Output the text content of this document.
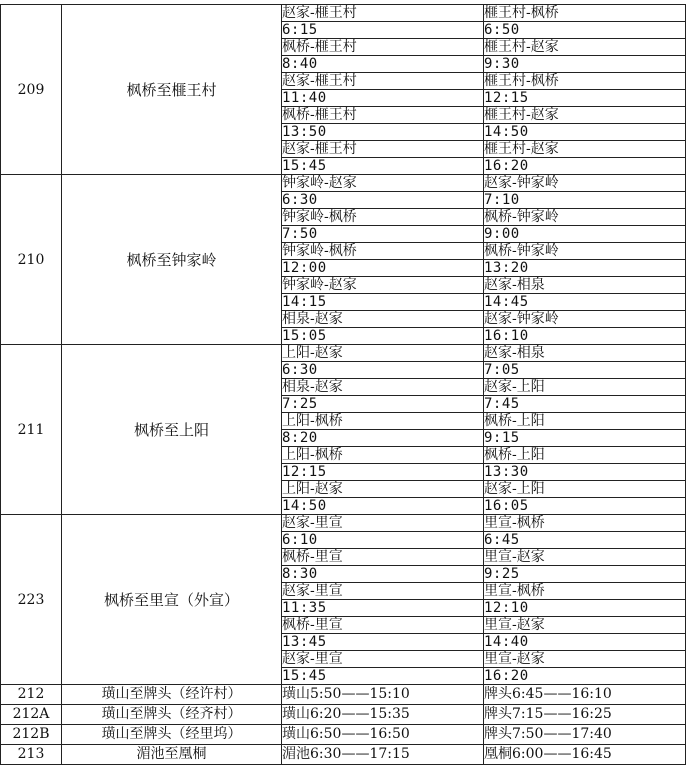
209	枫桥至榧王村	赵家-榧王村	榧王村-枫桥
		6:15	6:50
		枫桥-榧王村	榧王村-赵家
		8:40	9:30
		赵家-榧王村	榧王村-枫桥
		11:40	12:15
		枫桥-榧王村	榧王村-赵家
		13:50	14:50
		赵家-榧王村	榧王村-赵家
		15:45	16:20
210	枫桥至钟家岭	钟家岭-赵家	赵家-钟家岭
		6:30	7:10
		钟家岭-枫桥	枫桥-钟家岭
		7:50	9:00
		钟家岭-枫桥	枫桥-钟家岭
		12:00	13:20
		钟家岭-赵家	赵家-相泉
		14:15	14:45
		相泉-赵家	赵家-钟家岭
		15:05	16:10
211	枫桥至上阳	上阳-赵家	赵家-相泉
		6:30	7:05
		相泉-赵家	赵家-上阳
		7:25	7:45
		上阳-枫桥	枫桥-上阳
		8:20	9:15
		上阳-枫桥	枫桥-上阳
		12:15	13:30
		上阳-赵家	赵家-上阳
		14:50	16:05
223	枫桥至里宣（外宣）	赵家-里宣	里宣-枫桥
		6:10	6:45
		枫桥-里宣	里宣-赵家
		8:30	9:25
		赵家-里宣	里宣-枫桥
		11:35	12:10
		枫桥-里宣	里宣-赵家
		13:45	14:40
		赵家-里宣	里宣-赵家
		15:45	16:20
212	璜山至牌头（经许村）	璜山5:50——15:10	牌头6:45——16:10
212A	璜山至牌头（经齐村）	璜山6:20——15:35	牌头7:15——16:25
212B	璜山至牌头（经里坞）	璜山6:50——16:50	牌头7:50——17:40
213	湄池至凰桐	湄池6:30——17:15	凰桐6:00——16:45
